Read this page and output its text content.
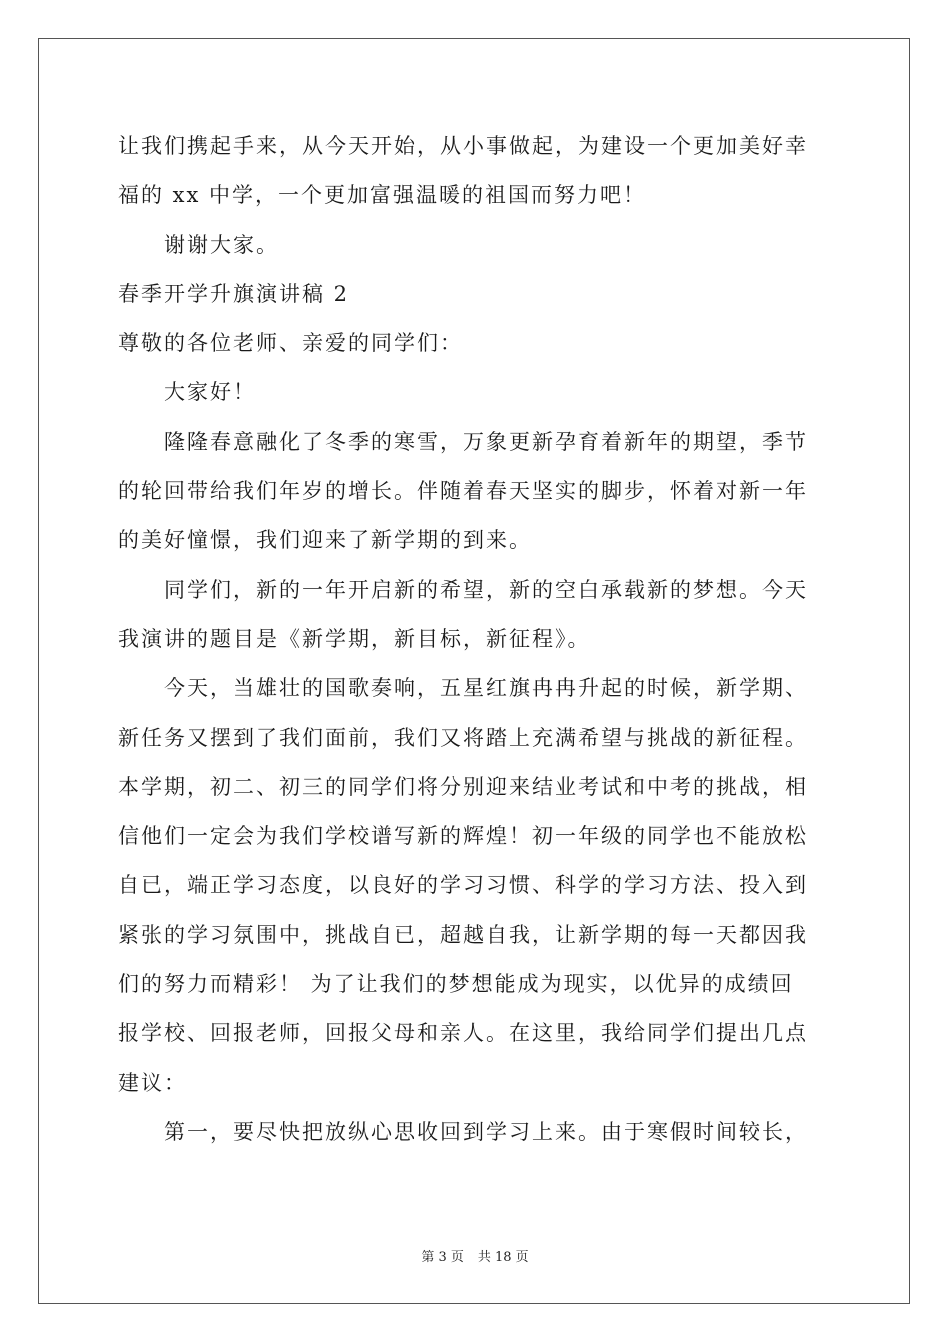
让我们携起手来，从今天开始，从小事做起，为建设一个更加美好幸
福的 xx 中学，一个更加富强温暖的祖国而努力吧！
谢谢大家。
春季开学升旗演讲稿 2
尊敬的各位老师、亲爱的同学们：
大家好！
隆隆春意融化了冬季的寒雪，万象更新孕育着新年的期望，季节
的轮回带给我们年岁的增长。伴随着春天坚实的脚步，怀着对新一年
的美好憧憬，我们迎来了新学期的到来。
同学们，新的一年开启新的希望，新的空白承载新的梦想。今天
我演讲的题目是《新学期，新目标，新征程》。
今天，当雄壮的国歌奏响，五星红旗冉冉升起的时候，新学期、
新任务又摆到了我们面前，我们又将踏上充满希望与挑战的新征程。
本学期，初二、初三的同学们将分别迎来结业考试和中考的挑战，相
信他们一定会为我们学校谱写新的辉煌！初一年级的同学也不能放松
自已，端正学习态度，以良好的学习习惯、科学的学习方法、投入到
紧张的学习氛围中，挑战自已，超越自我，让新学期的每一天都因我
们的努力而精彩！ 为了让我们的梦想能成为现实，以优异的成绩回
报学校、回报老师，回报父母和亲人。在这里，我给同学们提出几点
建议：
第一，要尽快把放纵心思收回到学习上来。由于寒假时间较长，
第 3 页 共 18 页
